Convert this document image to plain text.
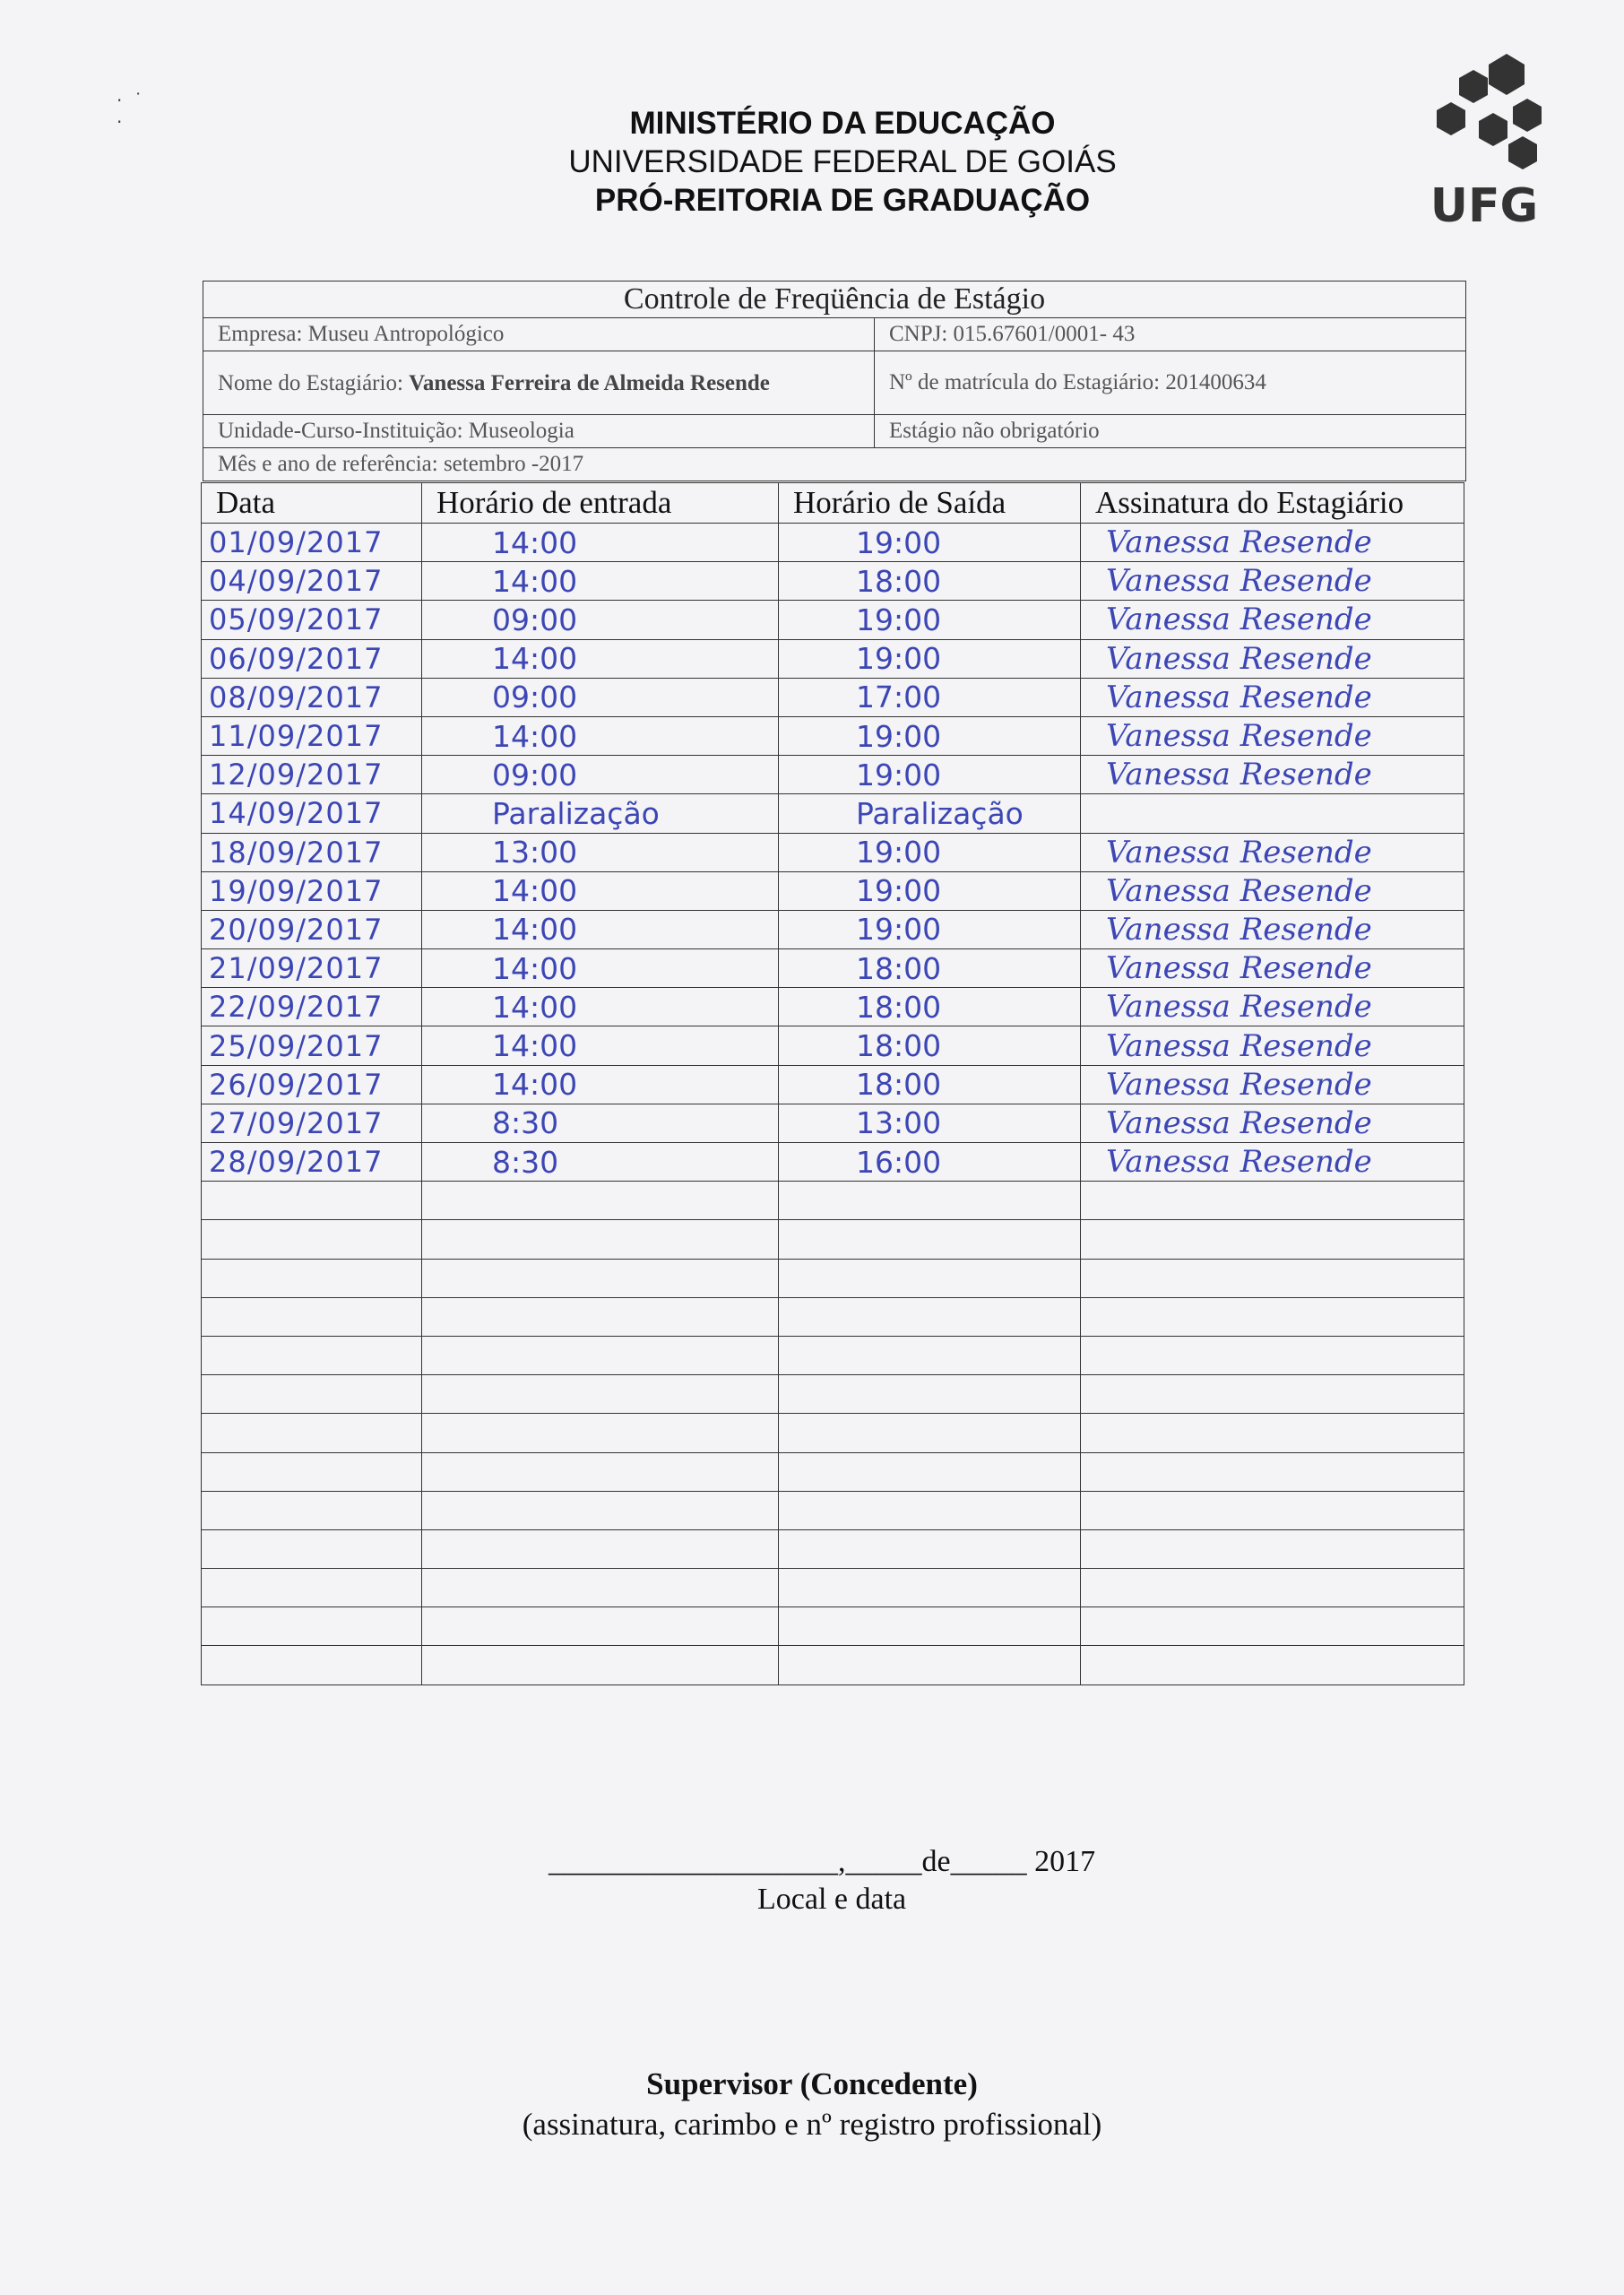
·  ˙
·	MINISTÉRIO DA EDUCAÇÃO
UNIVERSIDADE FEDERAL DE GOIÁS
PRÓ-REITORIA DE GRADUAÇÃO	UFG
Controle de Freqüência de Estágio	
Empresa: Museu Antropológico	CNPJ: 015.67601/0001- 43
Nome do Estagiário: Vanessa Ferreira de Almeida Resende	Nº de matrícula do Estagiário: 201400634
Unidade-Curso-Instituição: Museologia	Estágio não obrigatório
Mês e ano de referência: setembro -2017	
Data	Horário de entrada	Horário de Saída	Assinatura do Estagiário
01/09/2017	14:00	19:00	Vanessa Resende
04/09/2017	14:00	18:00	Vanessa Resende
05/09/2017	09:00	19:00	Vanessa Resende
06/09/2017	14:00	19:00	Vanessa Resende
08/09/2017	09:00	17:00	Vanessa Resende
11/09/2017	14:00	19:00	Vanessa Resende
12/09/2017	09:00	19:00	Vanessa Resende
14/09/2017	Paralização	Paralização	
18/09/2017	13:00	19:00	Vanessa Resende
19/09/2017	14:00	19:00	Vanessa Resende
20/09/2017	14:00	19:00	Vanessa Resende
21/09/2017	14:00	18:00	Vanessa Resende
22/09/2017	14:00	18:00	Vanessa Resende
25/09/2017	14:00	18:00	Vanessa Resende
26/09/2017	14:00	18:00	Vanessa Resende
27/09/2017	8:30	13:00	Vanessa Resende
28/09/2017	8:30	16:00	Vanessa Resende

___________________,_____de_____ 2017
Local e data
Supervisor (Concedente)
(assinatura, carimbo e nº registro profissional)
